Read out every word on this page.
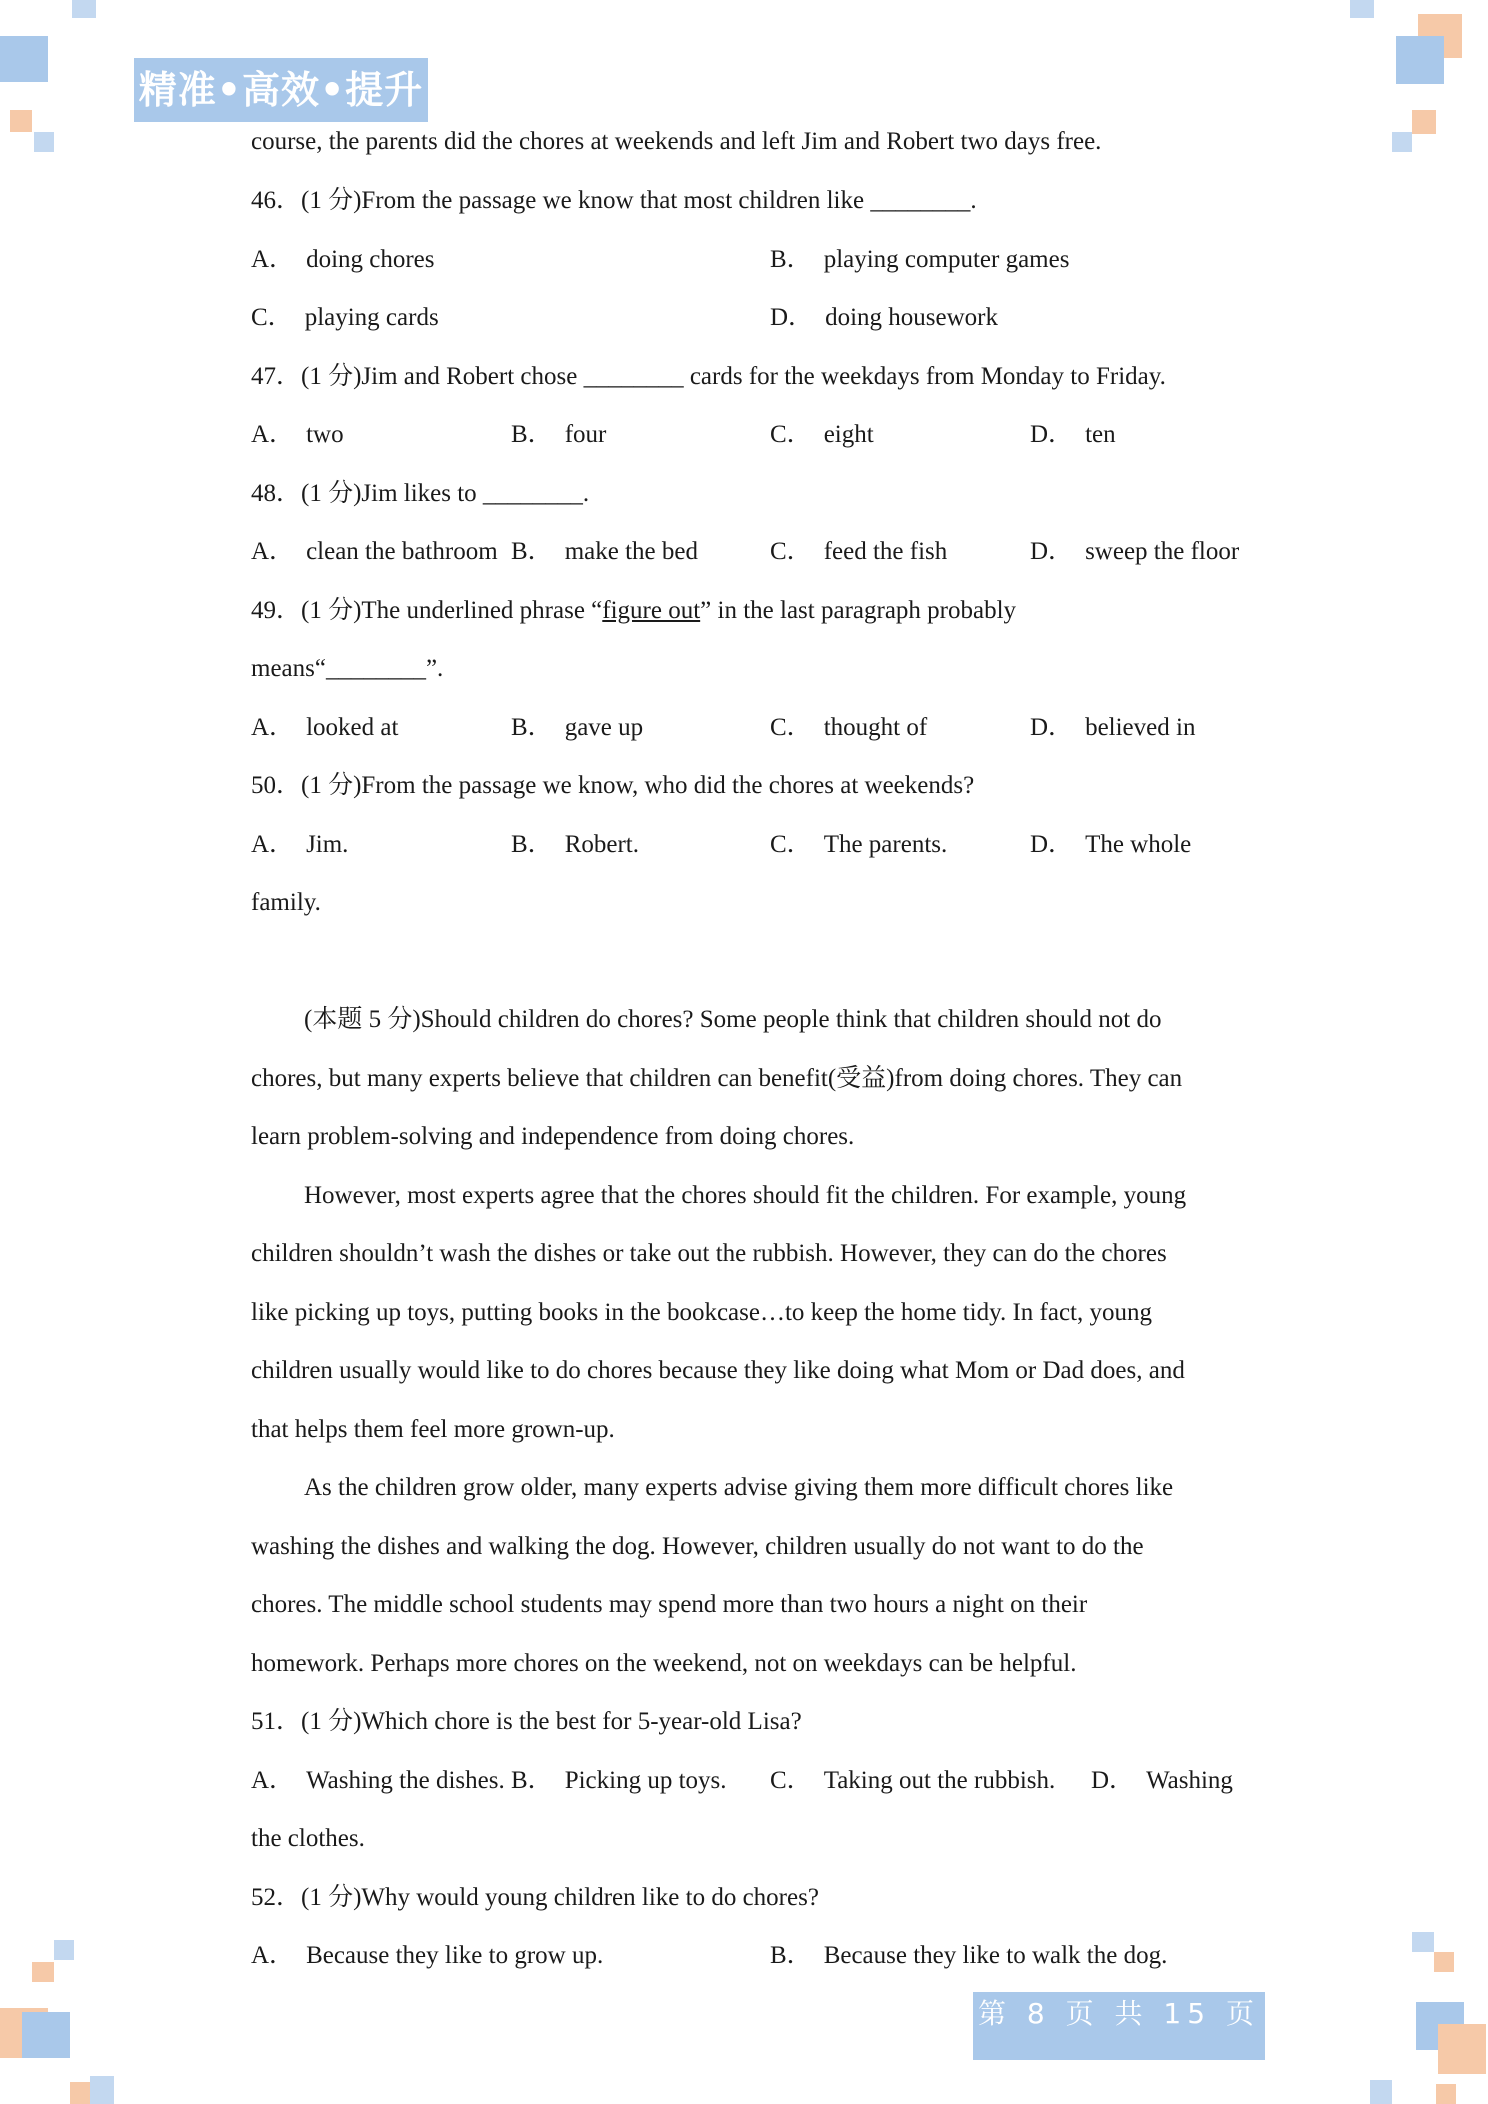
精准•高效•提升
course, the parents did the chores at weekends and left Jim and Robert two days free.
46．(1 分)From the passage we know that most children like ________.
A． doing chores	B． playing computer games
C． playing cards	D． doing housework
47．(1 分)Jim and Robert chose ________ cards for the weekdays from Monday to Friday.
A． two	B． four	C． eight	D． ten
48．(1 分)Jim likes to ________.
A． clean the bathroom B． make the bed	C． feed the fish	D． sweep the floor
49．(1 分)The underlined phrase “figure out” in the last paragraph probably
means“________”.
A． looked at	B． gave up	C． thought of	D． believed in
50．(1 分)From the passage we know, who did the chores at weekends?
A． Jim.	B． Robert.	C． The parents.	D． The whole
family.
(本题 5 分)Should children do chores? Some people think that children should not do
chores, but many experts believe that children can benefit(受益)from doing chores. They can
learn problem-solving and independence from doing chores.
However, most experts agree that the chores should fit the children. For example, young
children shouldn’t wash the dishes or take out the rubbish. However, they can do the chores
like picking up toys, putting books in the bookcase…to keep the home tidy. In fact, young
children usually would like to do chores because they like doing what Mom or Dad does, and
that helps them feel more grown-up.
As the children grow older, many experts advise giving them more difficult chores like
washing the dishes and walking the dog. However, children usually do not want to do the
chores. The middle school students may spend more than two hours a night on their
homework. Perhaps more chores on the weekend, not on weekdays can be helpful.
51．(1 分)Which chore is the best for 5-year-old Lisa?
A． Washing the dishes. B． Picking up toys. C． Taking out the rubbish. D． Washing
the clothes.
52．(1 分)Why would young children like to do chores?
A． Because they like to grow up.	B． Because they like to walk the dog.
第 8 页 共 15 页
